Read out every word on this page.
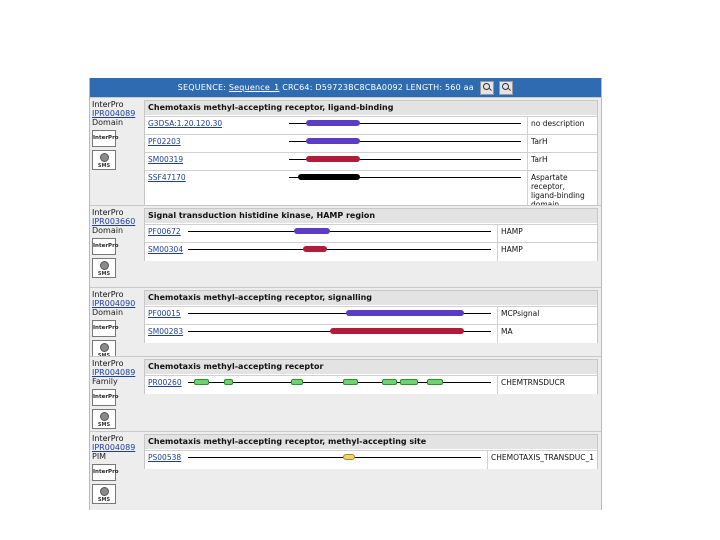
SEQUENCE: Sequence_1 CRC64: D59723BC8CBA0092 LENGTH: 560 aa

InterPro
IPR004089
Domain
InterPro
SMS
Chemotaxis methyl-accepting receptor, ligand-binding
G3DSA:1.20.120.30	no description
PF02203	TarH
SM00319	TarH
SSF47170	Aspartate receptor, ligand-binding
InterPro
IPR003660
Domain
InterPro
SMS
Signal transduction histidine kinase, HAMP region
PF00672	HAMP
SM00304	HAMP
InterPro
IPR004090
Domain
InterPro
Chemotaxis methyl-accepting receptor, signalling
PF00015	MCPsignal
SM00283	MA
InterPro
IPR004089
Family
InterPro
SMS
Chemotaxis methyl-accepting receptor
PR00260	CHEMTRNSDUCR
InterPro
IPR004089
PIM
InterPro
SMS
Chemotaxis methyl-accepting receptor, methyl-accepting site
PS00538	CHEMOTAXIS_TRANSDUC_1
